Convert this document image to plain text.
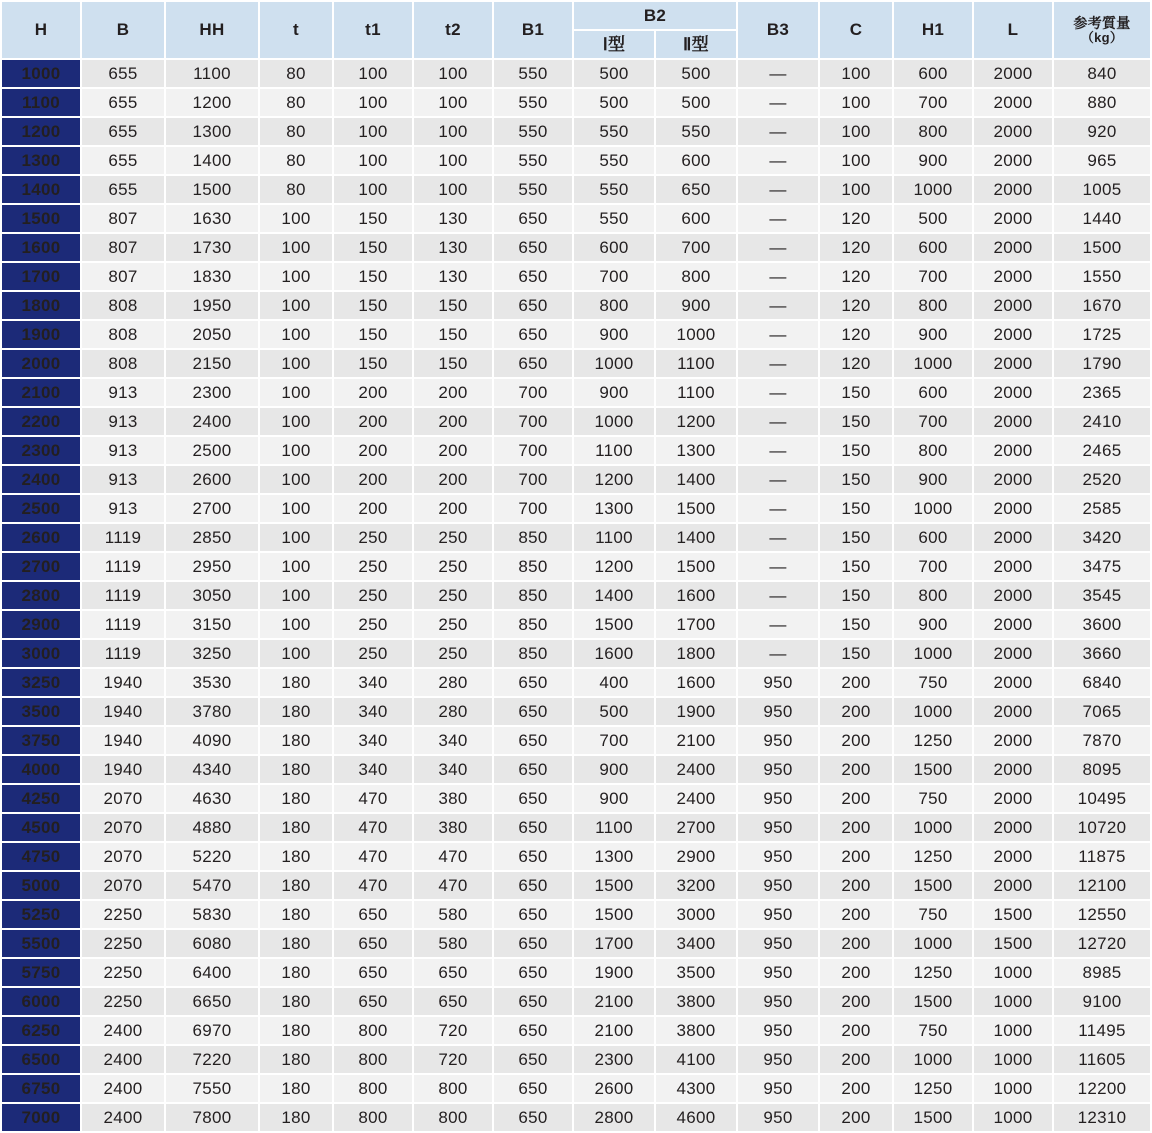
H	B	HH	t	t1	t2	B1	B2		B3	C	H1	L	参考質量
（kg）

							Ⅰ型	Ⅱ型					
1000	655	1100	80	100	100	550	500	500	—	100	600	2000	840
1100	655	1200	80	100	100	550	500	500	—	100	700	2000	880
1200	655	1300	80	100	100	550	550	550	—	100	800	2000	920
1300	655	1400	80	100	100	550	550	600	—	100	900	2000	965
1400	655	1500	80	100	100	550	550	650	—	100	1000	2000	1005
1500	807	1630	100	150	130	650	550	600	—	120	500	2000	1440
1600	807	1730	100	150	130	650	600	700	—	120	600	2000	1500
1700	807	1830	100	150	130	650	700	800	—	120	700	2000	1550
1800	808	1950	100	150	150	650	800	900	—	120	800	2000	1670
1900	808	2050	100	150	150	650	900	1000	—	120	900	2000	1725
2000	808	2150	100	150	150	650	1000	1100	—	120	1000	2000	1790
2100	913	2300	100	200	200	700	900	1100	—	150	600	2000	2365
2200	913	2400	100	200	200	700	1000	1200	—	150	700	2000	2410
2300	913	2500	100	200	200	700	1100	1300	—	150	800	2000	2465
2400	913	2600	100	200	200	700	1200	1400	—	150	900	2000	2520
2500	913	2700	100	200	200	700	1300	1500	—	150	1000	2000	2585
2600	1119	2850	100	250	250	850	1100	1400	—	150	600	2000	3420
2700	1119	2950	100	250	250	850	1200	1500	—	150	700	2000	3475
2800	1119	3050	100	250	250	850	1400	1600	—	150	800	2000	3545
2900	1119	3150	100	250	250	850	1500	1700	—	150	900	2000	3600
3000	1119	3250	100	250	250	850	1600	1800	—	150	1000	2000	3660
3250	1940	3530	180	340	280	650	400	1600	950	200	750	2000	6840
3500	1940	3780	180	340	280	650	500	1900	950	200	1000	2000	7065
3750	1940	4090	180	340	340	650	700	2100	950	200	1250	2000	7870
4000	1940	4340	180	340	340	650	900	2400	950	200	1500	2000	8095
4250	2070	4630	180	470	380	650	900	2400	950	200	750	2000	10495
4500	2070	4880	180	470	380	650	1100	2700	950	200	1000	2000	10720
4750	2070	5220	180	470	470	650	1300	2900	950	200	1250	2000	11875
5000	2070	5470	180	470	470	650	1500	3200	950	200	1500	2000	12100
5250	2250	5830	180	650	580	650	1500	3000	950	200	750	1500	12550
5500	2250	6080	180	650	580	650	1700	3400	950	200	1000	1500	12720
5750	2250	6400	180	650	650	650	1900	3500	950	200	1250	1000	8985
6000	2250	6650	180	650	650	650	2100	3800	950	200	1500	1000	9100
6250	2400	6970	180	800	720	650	2100	3800	950	200	750	1000	11495
6500	2400	7220	180	800	720	650	2300	4100	950	200	1000	1000	11605
6750	2400	7550	180	800	800	650	2600	4300	950	200	1250	1000	12200
7000	2400	7800	180	800	800	650	2800	4600	950	200	1500	1000	12310
